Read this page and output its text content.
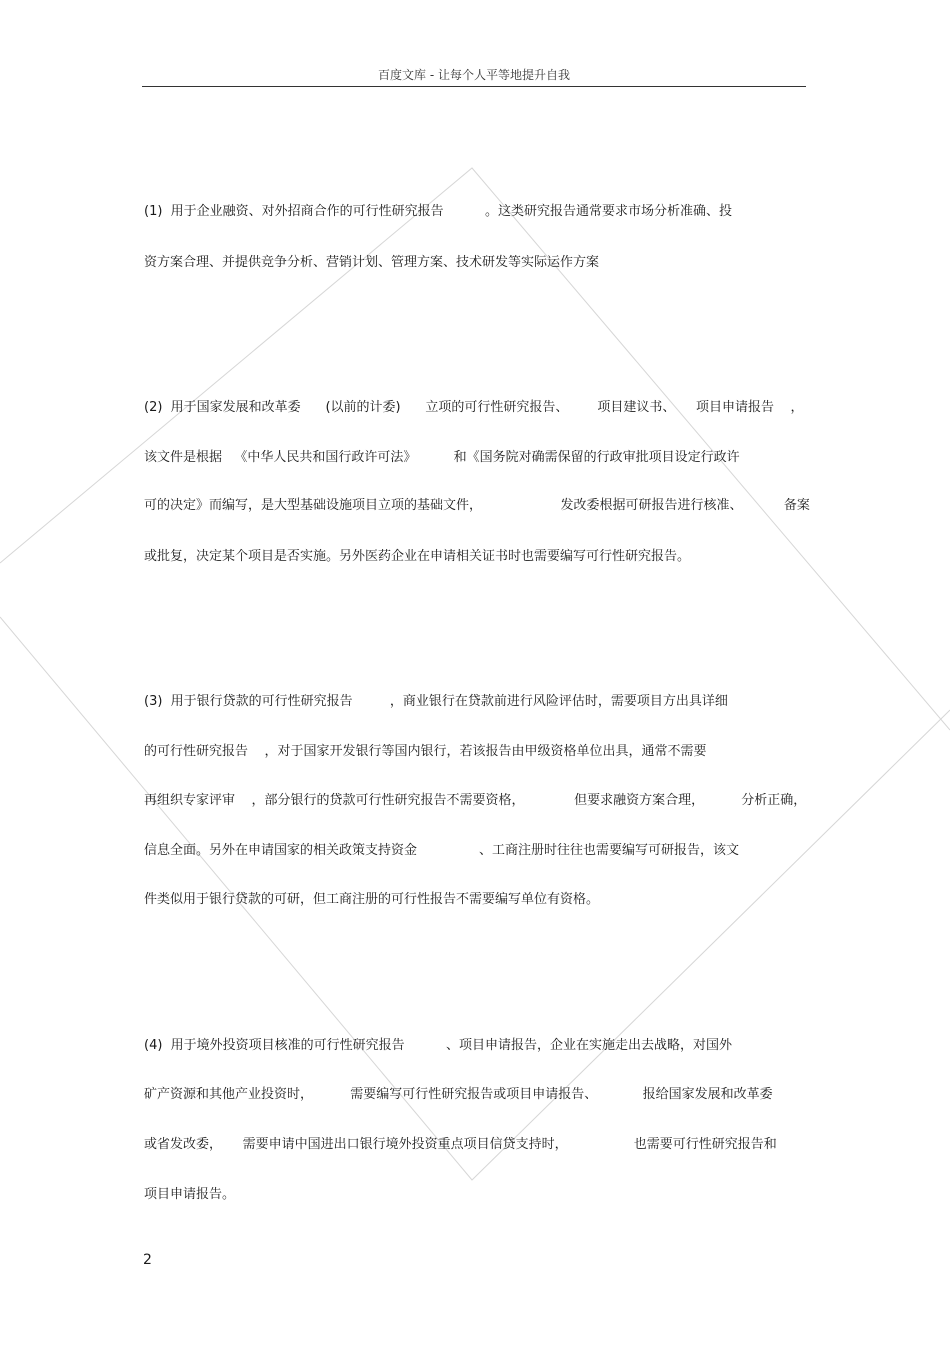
百度文库 - 让每个人平等地提升自我
(1)  用于企业融资、对外招商合作的可行性研究报告          。这类研究报告通常要求市场分析准确、投
资方案合理、并提供竞争分析、营销计划、管理方案、技术研发等实际运作方案
(2)  用于国家发展和改革委      (以前的计委)      立项的可行性研究报告、       项目建议书、     项目申请报告    ，
该文件是根据   《中华人民共和国行政许可法》         和《国务院对确需保留的行政审批项目设定行政许
可的决定》而编写，是大型基础设施项目立项的基础文件，                   发改委根据可研报告进行核准、          备案
或批复，决定某个项目是否实施。另外医药企业在申请相关证书时也需要编写可行性研究报告。
(3)  用于银行贷款的可行性研究报告         ，商业银行在贷款前进行风险评估时，需要项目方出具详细
的可行性研究报告    ，对于国家开发银行等国内银行，若该报告由甲级资格单位出具，通常不需要
再组织专家评审    ，部分银行的贷款可行性研究报告不需要资格，            但要求融资方案合理，         分析正确，
信息全面。另外在申请国家的相关政策支持资金               、工商注册时往往也需要编写可研报告，该文
件类似用于银行贷款的可研，但工商注册的可行性报告不需要编写单位有资格。
(4)  用于境外投资项目核准的可行性研究报告          、项目申请报告，企业在实施走出去战略，对国外
矿产资源和其他产业投资时，         需要编写可行性研究报告或项目申请报告、           报给国家发展和改革委
或省发改委，     需要申请中国进出口银行境外投资重点项目信贷支持时，                也需要可行性研究报告和
项目申请报告。
2
